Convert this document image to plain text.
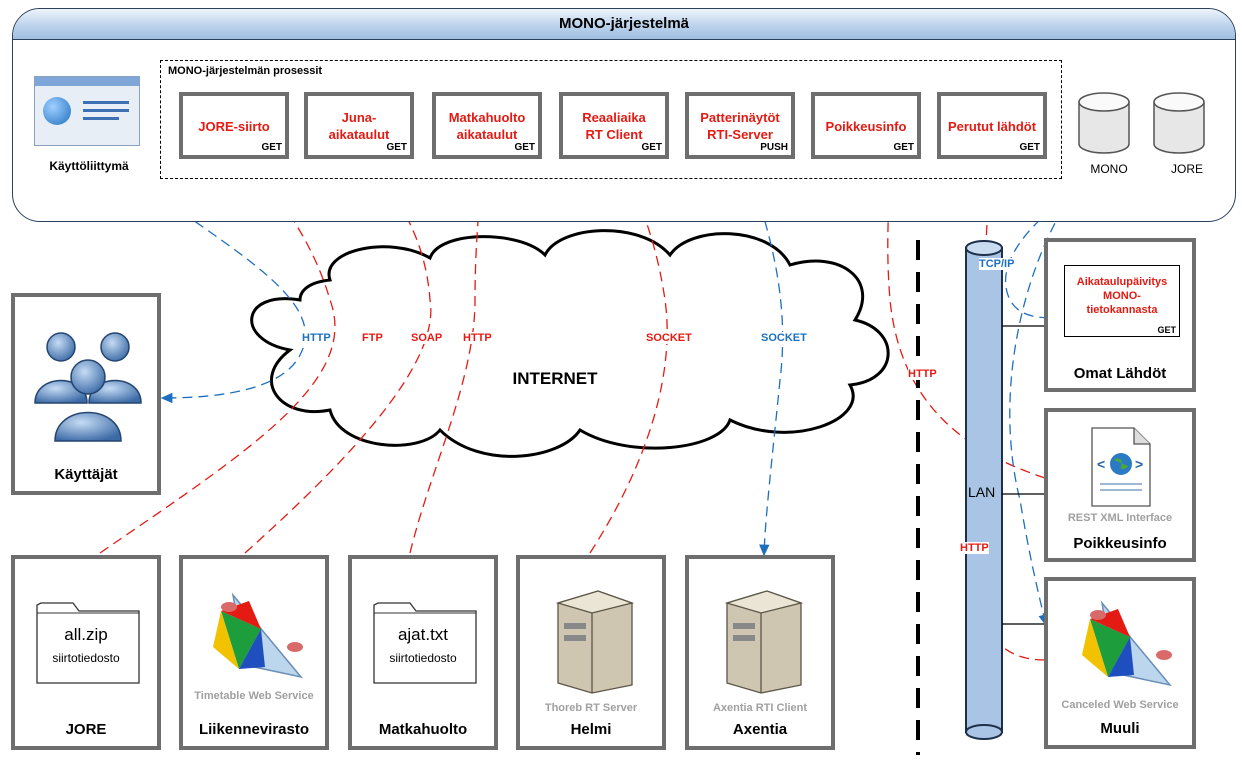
MONO-järjestelmä
Käyttöliittymä
MONO-järjestelmän prosessit
JORE-siirto
GET
Juna-
aikataulut
GET
Matkahuolto
aikataulut
GET
Reaaliaika
RT Client
GET
Patterinäytöt
RTI-Server
PUSH
Poikkeusinfo
GET
Perutut lähdöt
GET
MONO	JORE
INTERNET
HTTP	FTP	SOAP HTTP	SOCKET	SOCKET
TCP/IP
HTTP
HTTP
LAN
Käyttäjät
all.zip
siirtotiedosto
JORE
Timetable Web Service
Liikennevirasto
ajat.txt
siirtotiedosto
Matkahuolto
Thoreb RT Server
Helmi
Axentia RTI Client
Axentia
Aikataulupäivitys
MONO-
tietokannasta
GET
Omat Lähdöt
< >
REST XML Interface
Poikkeusinfo
Canceled Web Service
Muuli
